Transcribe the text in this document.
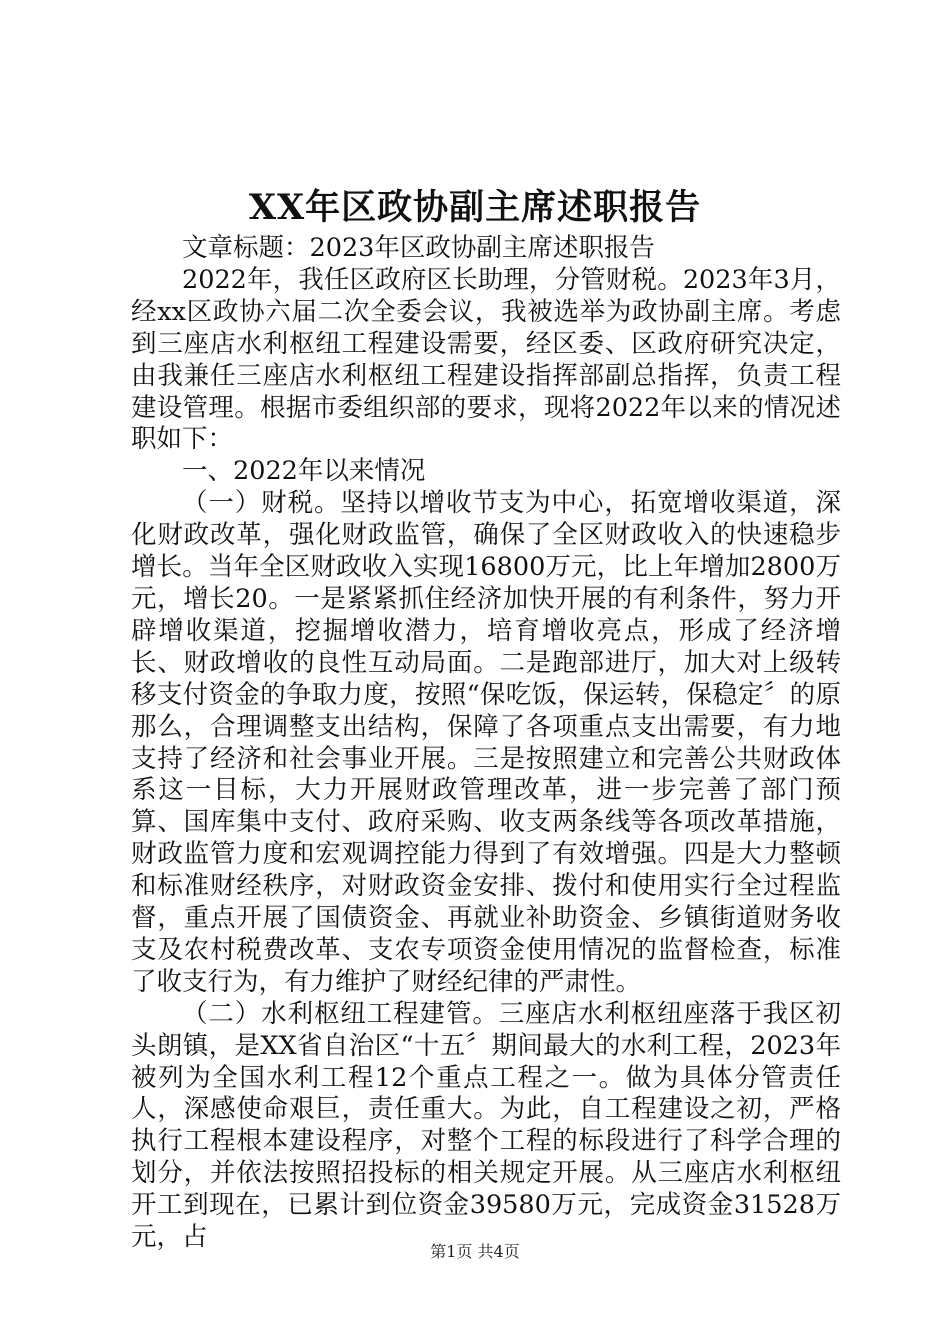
XX年区政协副主席述职报告

文章标题：2023年区政协副主席述职报告

2022年，我任区政府区长助理，分管财税。2023年3月，经xx区政协六届二次全委会议，我被选举为政协副主席。考虑到三座店水利枢纽工程建设需要，经区委、区政府研究决定，由我兼任三座店水利枢纽工程建设指挥部副总指挥，负责工程建设管理。根据市委组织部的要求，现将2022年以来的情况述职如下：

一、2022年以来情况

（一）财税。坚持以增收节支为中心，拓宽增收渠道，深化财政改革，强化财政监管，确保了全区财政收入的快速稳步增长。当年全区财政收入实现16800万元，比上年增加2800万元，增长20。一是紧紧抓住经济加快开展的有利条件，努力开辟增收渠道，挖掘增收潜力，培育增收亮点，形成了经济增长、财政增收的良性互动局面。二是跑部进厅，加大对上级转移支付资金的争取力度，按照“保吃饭，保运转，保稳定〞的原那么，合理调整支出结构，保障了各项重点支出需要，有力地支持了经济和社会事业开展。三是按照建立和完善公共财政体系这一目标，大力开展财政管理改革，进一步完善了部门预算、国库集中支付、政府采购、收支两条线等各项改革措施，财政监管力度和宏观调控能力得到了有效增强。四是大力整顿和标准财经秩序，对财政资金安排、拨付和使用实行全过程监督，重点开展了国债资金、再就业补助资金、乡镇街道财务收支及农村税费改革、支农专项资金使用情况的监督检查，标准了收支行为，有力维护了财经纪律的严肃性。

（二）水利枢纽工程建管。三座店水利枢纽座落于我区初头朗镇，是XX省自治区“十五〞期间最大的水利工程，2023年被列为全国水利工程12个重点工程之一。做为具体分管责任人，深感使命艰巨，责任重大。为此，自工程建设之初，严格执行工程根本建设程序，对整个工程的标段进行了科学合理的划分，并依法按照招投标的相关规定开展。从三座店水利枢纽开工到现在，已累计到位资金39580万元，完成资金31528万元，占	第1页 共4页
